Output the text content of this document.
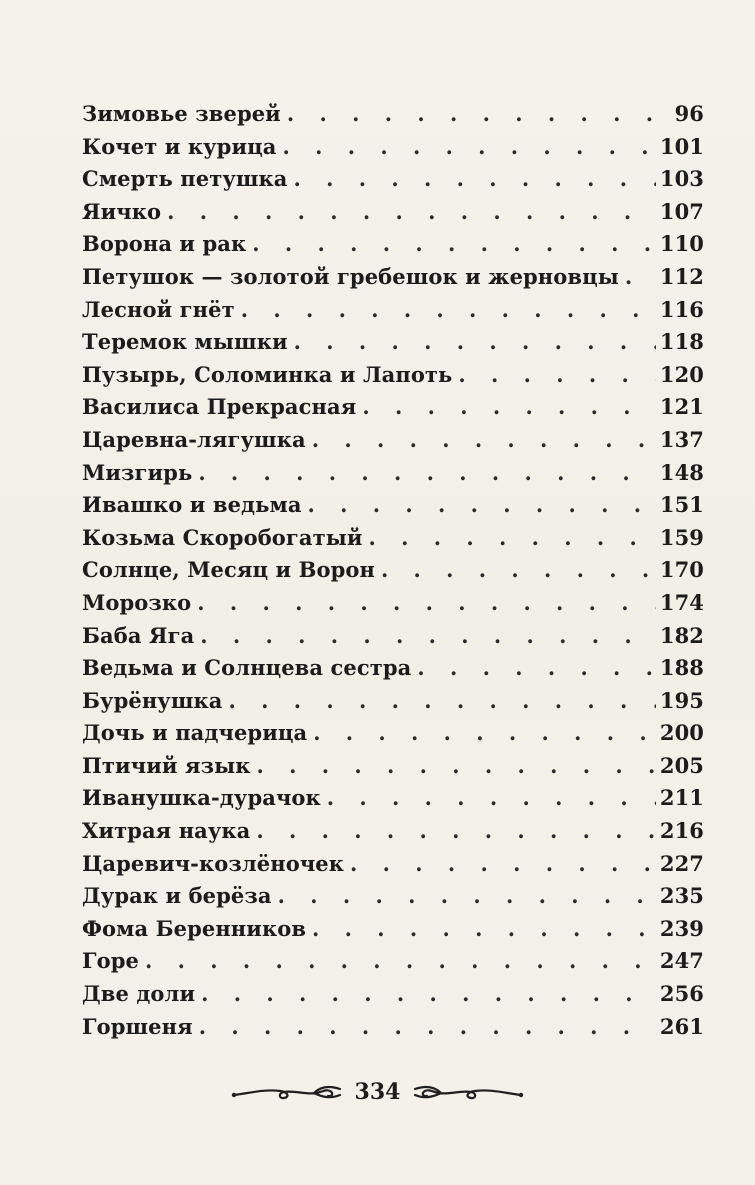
Зимовье зверей . . .	96
Кочет и курица . . .	101
Смерть петушка . . .	103
Яичко . . .	107
Ворона и рак . . .	110
Петушок — золотой гребешок и жерновцы . . . 112
Лесной гнёт . . .	116
Теремок мышки . . .	118
Пузырь, Соломинка и Лапоть . . .	120
Василиса Прекрасная . . .	121
Царевна-лягушка . . .	137
Мизгирь . . .	148
Ивашко и ведьма . . .	151
Козьма Скоробогатый . . .	159
Солнце, Месяц и Ворон . . .	170
Морозко . . .	174
Баба Яга . . .	182
Ведьма и Солнцева сестра . . .	188
Бурёнушка . . .	195
Дочь и падчерица . . .	200
Птичий язык . . .	205
Иванушка-дурачок . . .	211
Хитрая наука . . .	216
Царевич-козлёночек . . .	227
Дурак и берёза . . .	235
Фома Беренников . . .	239
Горе . . .	247
Две доли . . .	256
Горшеня . . .	261
334
